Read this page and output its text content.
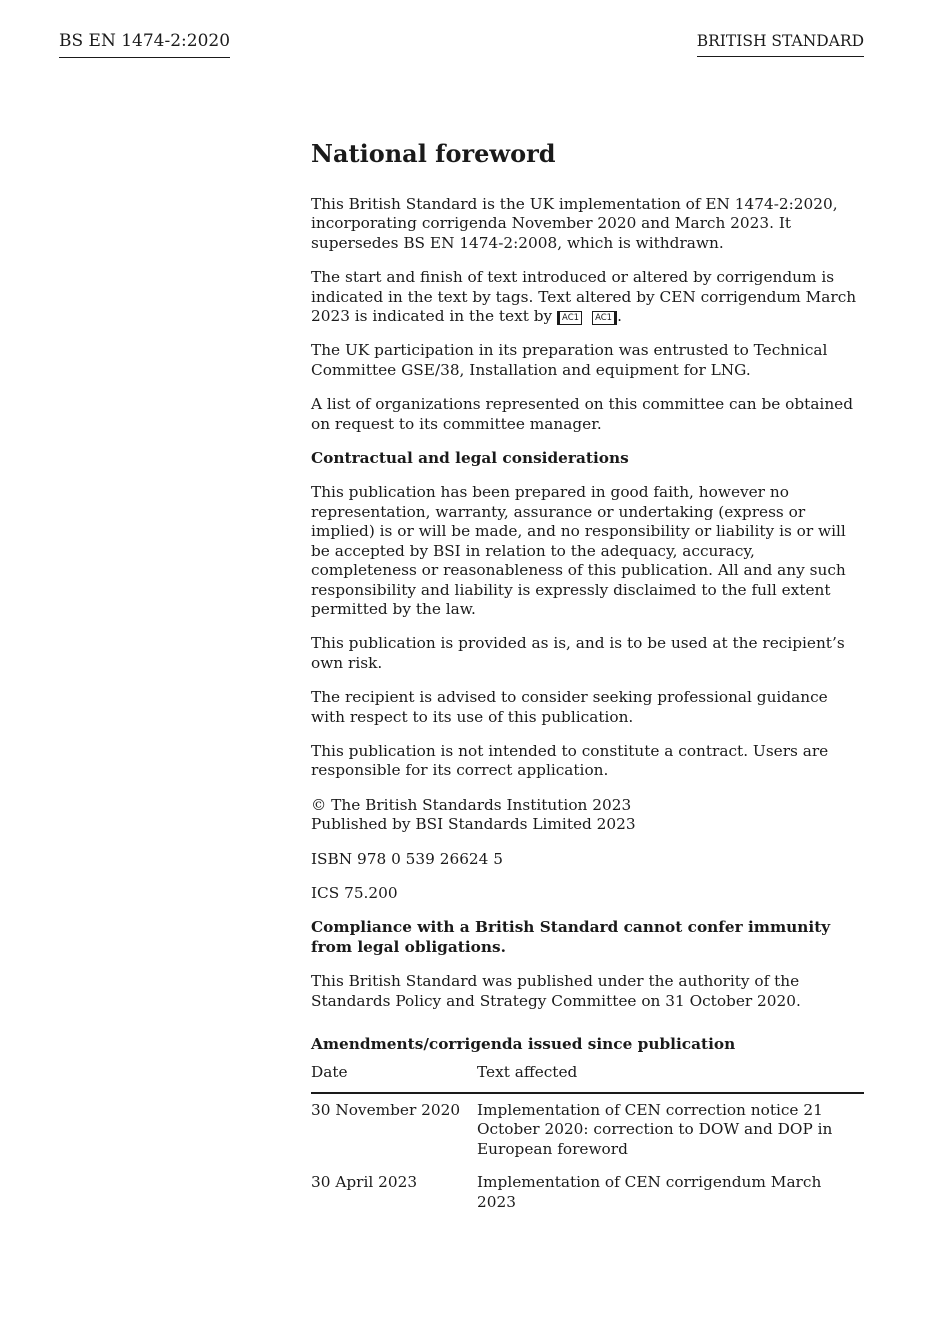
BS EN 1474-2:2020	BRITISH STANDARD
National foreword

This British Standard is the UK implementation of EN 1474-2:2020, incorporating corrigenda November 2020 and March 2023. It supersedes BS EN 1474-2:2008, which is withdrawn.

The start and finish of text introduced or altered by corrigendum is indicated in the text by tags. Text altered by CEN corrigendum March 2023 is indicated in the text by AC1 AC1 .

The UK participation in its preparation was entrusted to Technical Committee GSE/38, Installation and equipment for LNG.

A list of organizations represented on this committee can be obtained on request to its committee manager.

Contractual and legal considerations

This publication has been prepared in good faith, however no representation, warranty, assurance or undertaking (express or implied) is or will be made, and no responsibility or liability is or will be accepted by BSI in relation to the adequacy, accuracy, completeness or reasonableness of this publication. All and any such responsibility and liability is expressly disclaimed to the full extent permitted by the law.

This publication is provided as is, and is to be used at the recipient’s own risk.

The recipient is advised to consider seeking professional guidance with respect to its use of this publication.

This publication is not intended to constitute a contract. Users are responsible for its correct application.

© The British Standards Institution 2023
Published by BSI Standards Limited 2023

ISBN 978 0 539 26624 5

ICS 75.200

Compliance with a British Standard cannot confer immunity from legal obligations.

This British Standard was published under the authority of the Standards Policy and Strategy Committee on 31 October 2020.

Amendments/corrigenda issued since publication
Date	Text affected
30 November 2020	Implementation of CEN correction notice 21 October 2020: correction to DOW and DOP in European foreword
30 April 2023	Implementation of CEN corrigendum March 2023
